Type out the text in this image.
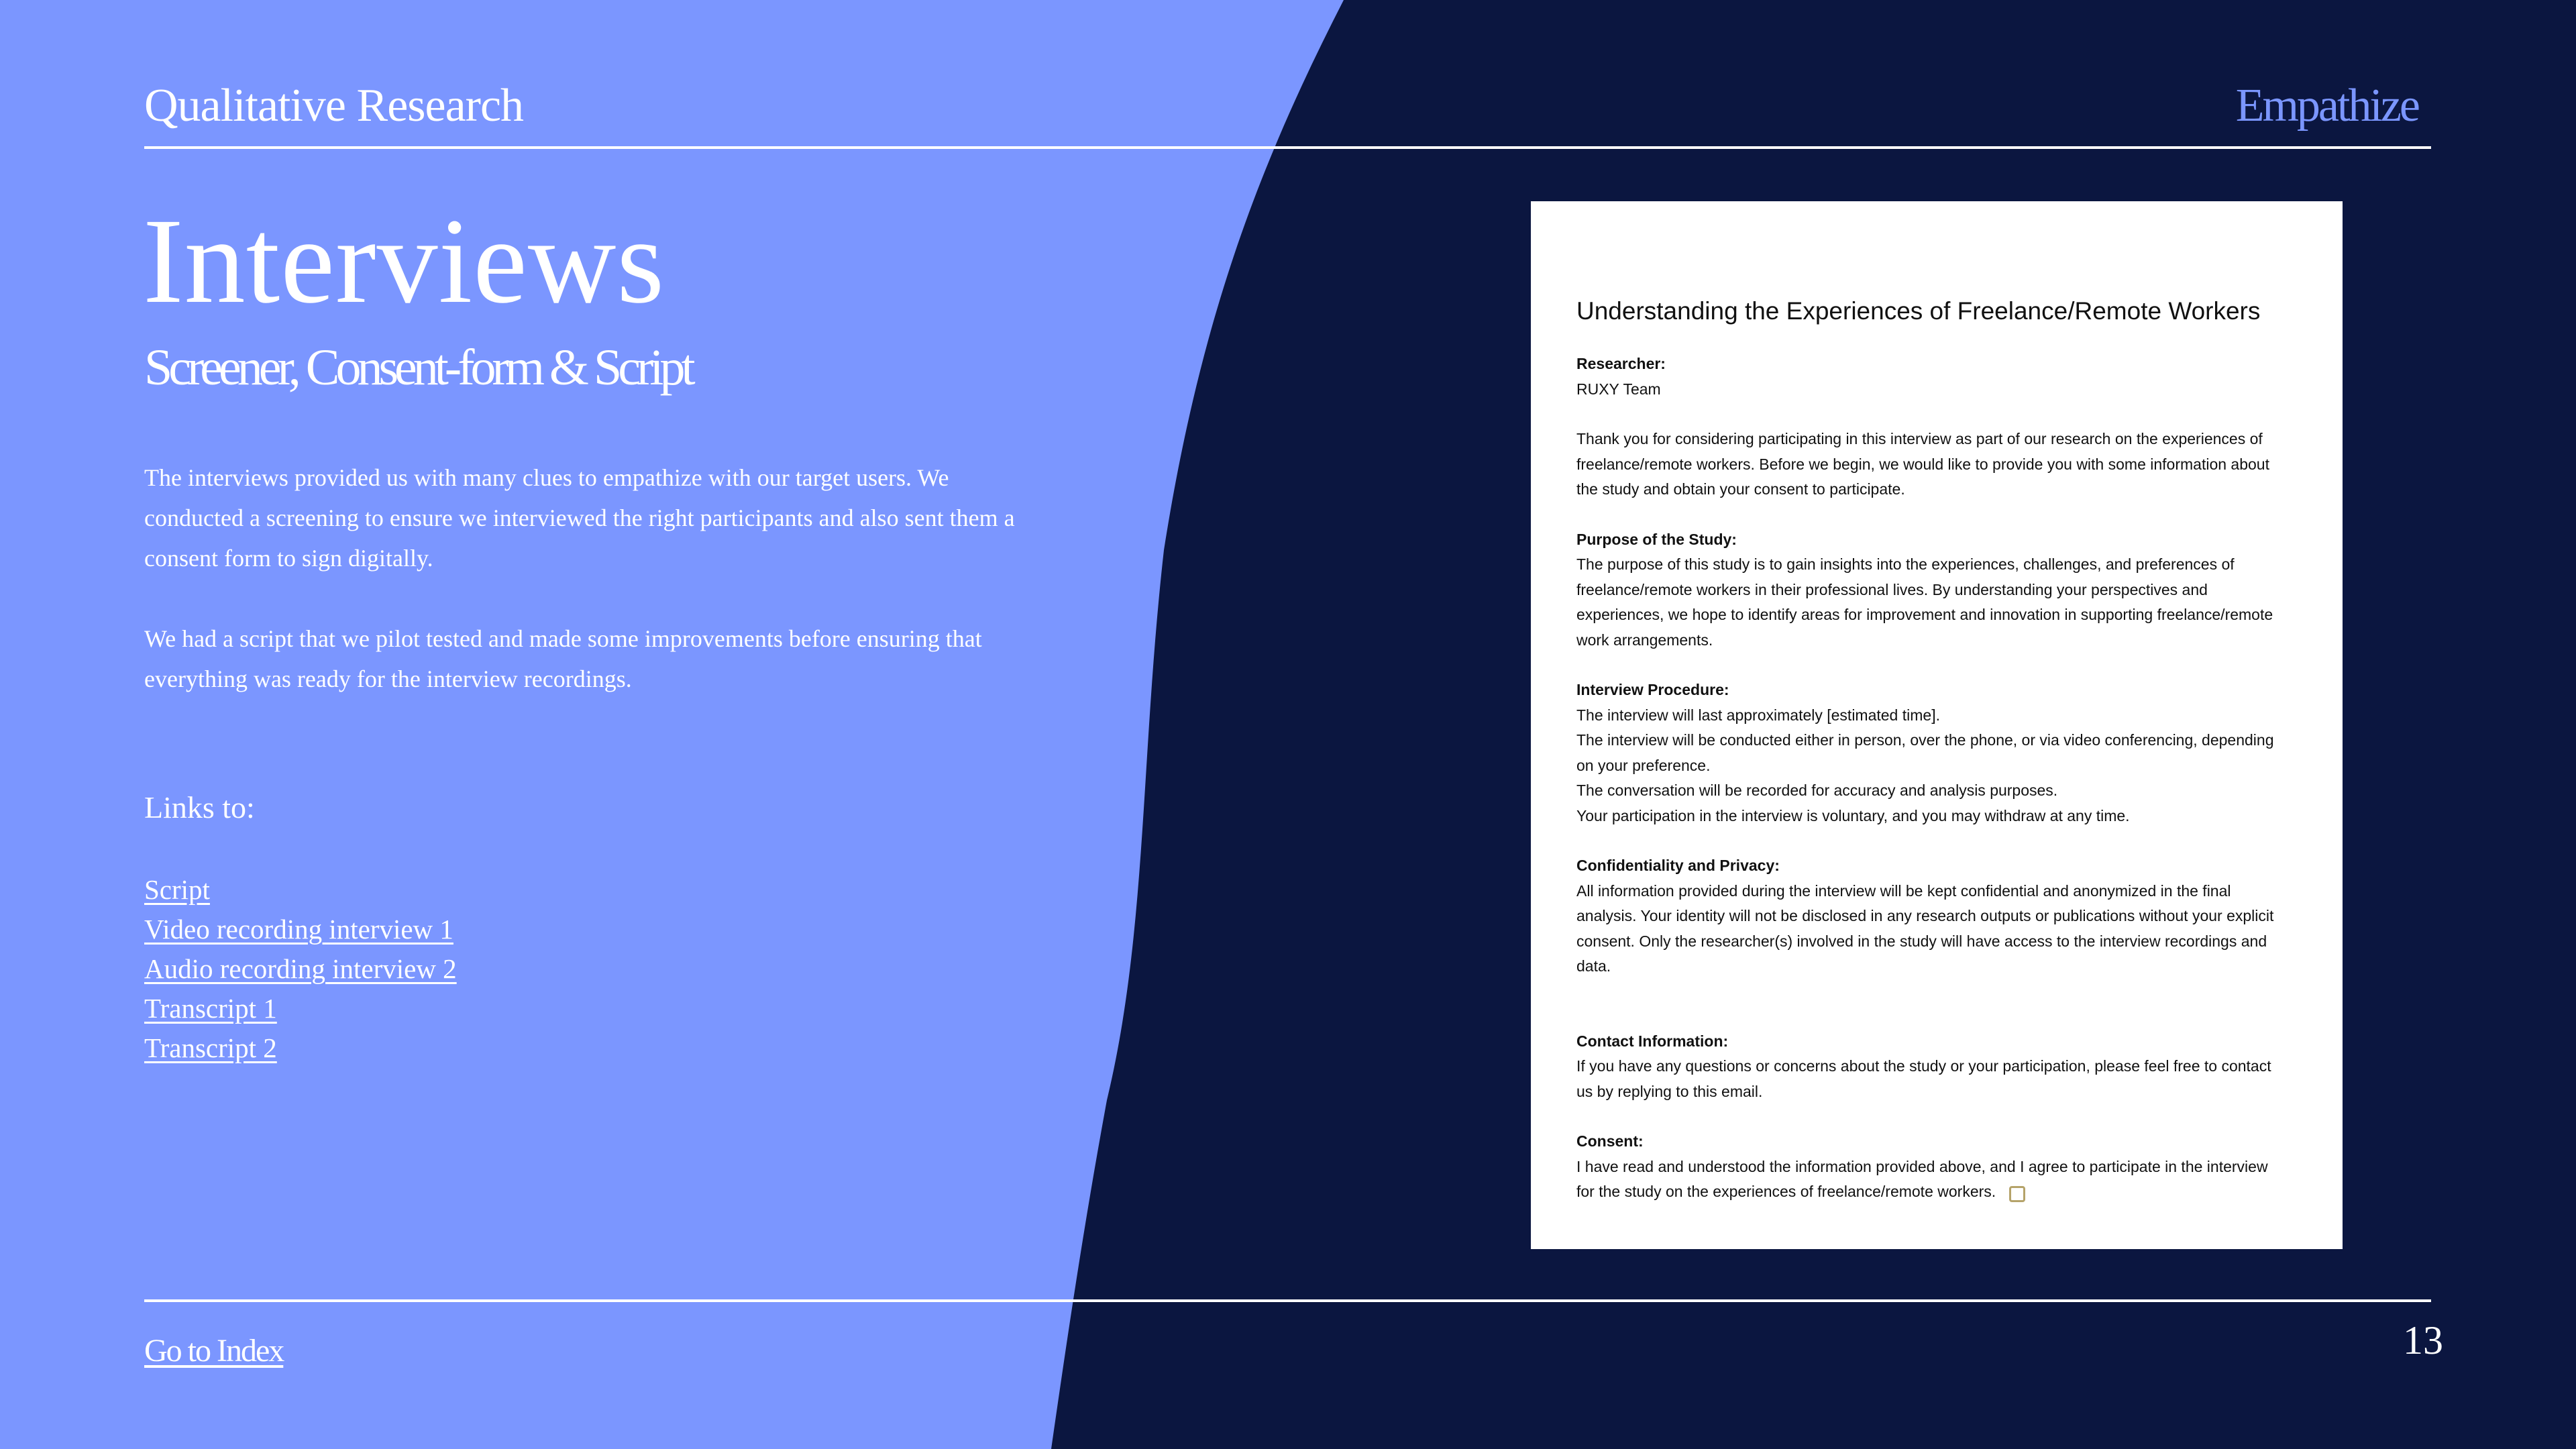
Qualitative Research	Empathize
Interviews
Screener, Consent-form & Script

The interviews provided us with many clues to empathize with our target users. We conducted a screening to ensure we interviewed the right participants and also sent them a consent form to sign digitally.

We had a script that we pilot tested and made some improvements before ensuring that everything was ready for the interview recordings.

Links to:
Script
Video recording interview 1
Audio recording interview 2
Transcript 1
Transcript 2
Understanding the Experiences of Freelance/Remote Workers
Researcher:

RUXY Team

Thank you for considering participating in this interview as part of our research on the experiences of freelance/remote workers. Before we begin, we would like to provide you with some information about the study and obtain your consent to participate.

Purpose of the Study:

The purpose of this study is to gain insights into the experiences, challenges, and preferences of freelance/remote workers in their professional lives. By understanding your perspectives and experiences, we hope to identify areas for improvement and innovation in supporting freelance/remote work arrangements.

Interview Procedure:

The interview will last approximately [estimated time].

The interview will be conducted either in person, over the phone, or via video conferencing, depending on your preference.

The conversation will be recorded for accuracy and analysis purposes.

Your participation in the interview is voluntary, and you may withdraw at any time.

Confidentiality and Privacy:

All information provided during the interview will be kept confidential and anonymized in the final analysis. Your identity will not be disclosed in any research outputs or publications without your explicit consent. Only the researcher(s) involved in the study will have access to the interview recordings and data.

Contact Information:

If you have any questions or concerns about the study or your participation, please feel free to contact us by replying to this email.

Consent:

I have read and understood the information provided above, and I agree to participate in the interview for the study on the experiences of freelance/remote workers.

Go to Index	13
